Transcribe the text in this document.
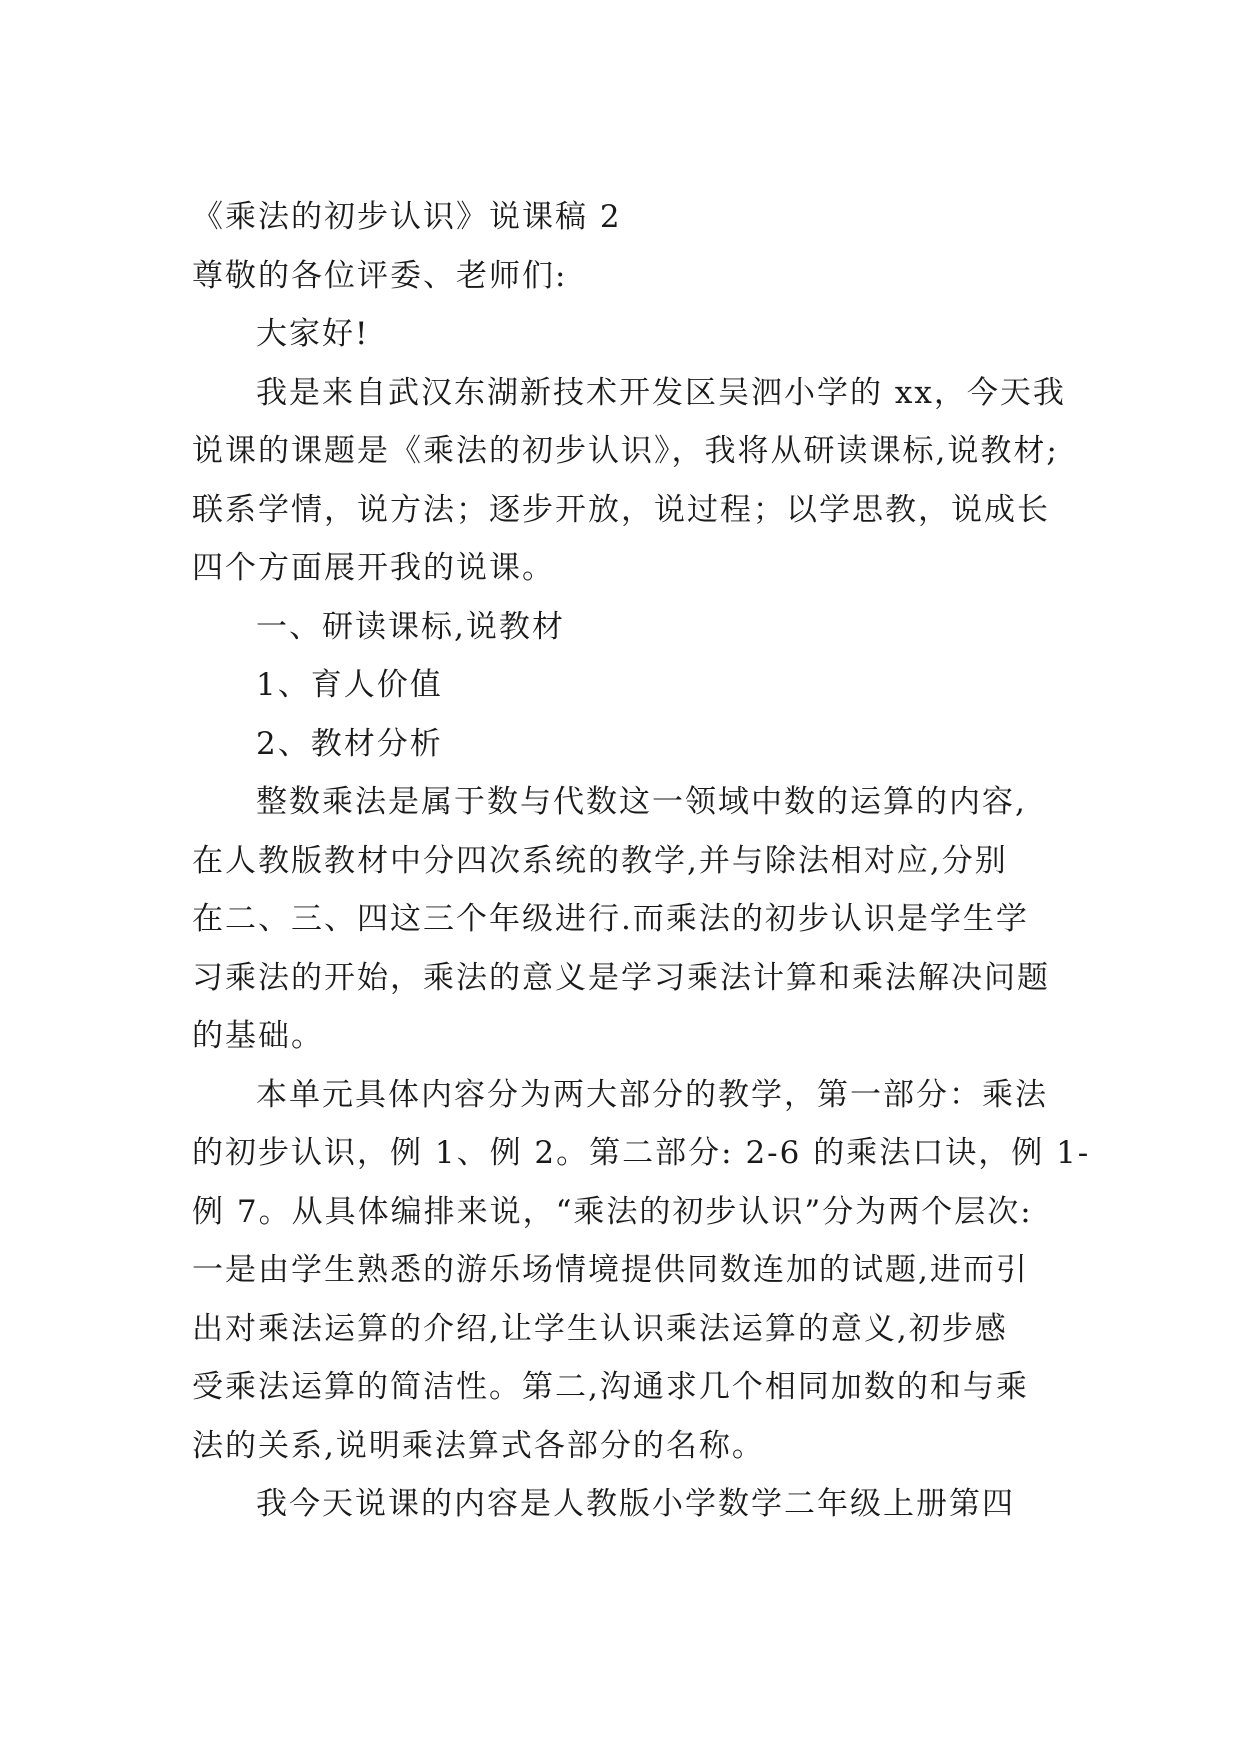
《乘法的初步认识》说课稿 2
尊敬的各位评委、老师们:
大家好!
我是来自武汉东湖新技术开发区吴泗小学的 xx，今天我
说课的课题是《乘法的初步认识》，我将从研读课标,说教材;
联系学情，说方法；逐步开放，说过程；以学思教，说成长
四个方面展开我的说课。
一、研读课标,说教材
1、育人价值
2、教材分析
整数乘法是属于数与代数这一领域中数的运算的内容,
在人教版教材中分四次系统的教学,并与除法相对应,分别
在二、三、四这三个年级进行.而乘法的初步认识是学生学
习乘法的开始，乘法的意义是学习乘法计算和乘法解决问题
的基础。
本单元具体内容分为两大部分的教学，第一部分：乘法
的初步认识，例 1、例 2。第二部分: 2-6 的乘法口诀，例 1-
例 7。从具体编排来说，“乘法的初步认识”分为两个层次:
一是由学生熟悉的游乐场情境提供同数连加的试题,进而引
出对乘法运算的介绍,让学生认识乘法运算的意义,初步感
受乘法运算的简洁性。第二,沟通求几个相同加数的和与乘
法的关系,说明乘法算式各部分的名称。
我今天说课的内容是人教版小学数学二年级上册第四
